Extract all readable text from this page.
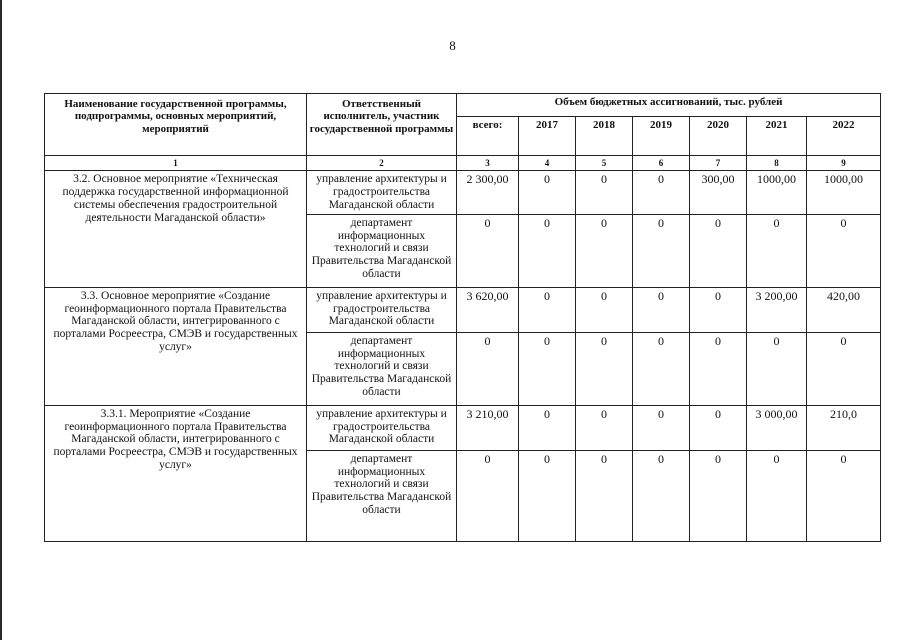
8
Наименование государственной программы, подпрограммы, основных мероприятий, мероприятий	Ответственный исполнитель, участник государственной программы	Объем бюджетных ассигнований, тыс. рублей						
		всего:	2017	2018	2019	2020	2021	2022
1	2	3	4	5	6	7	8	9
3.2. Основное мероприятие «Техническая поддержка государственной информационной системы обеспечения градостроительной деятельности Магаданской области»	управление архитектуры и градостроительства Магаданской области	2 300,00	0	0	0	300,00	1000,00	1000,00
	департамент информационных технологий и связи Правительства Магаданской области	0	0	0	0	0	0	0
3.3. Основное мероприятие «Создание геоинформационного портала Правительства Магаданской области, интегрированного с порталами Росреестра, СМЭВ и государственных услуг»	управление архитектуры и градостроительства Магаданской области	3 620,00	0	0	0	0	3 200,00	420,00
	департамент информационных технологий и связи Правительства Магаданской области	0	0	0	0	0	0	0
3.3.1. Мероприятие «Создание геоинформационного портала Правительства Магаданской области, интегрированного с порталами Росреестра, СМЭВ и государственных услуг»	управление архитектуры и градостроительства Магаданской области	3 210,00	0	0	0	0	3 000,00	210,0
	департамент информационных технологий и связи Правительства Магаданской области	0	0	0	0	0	0	0
